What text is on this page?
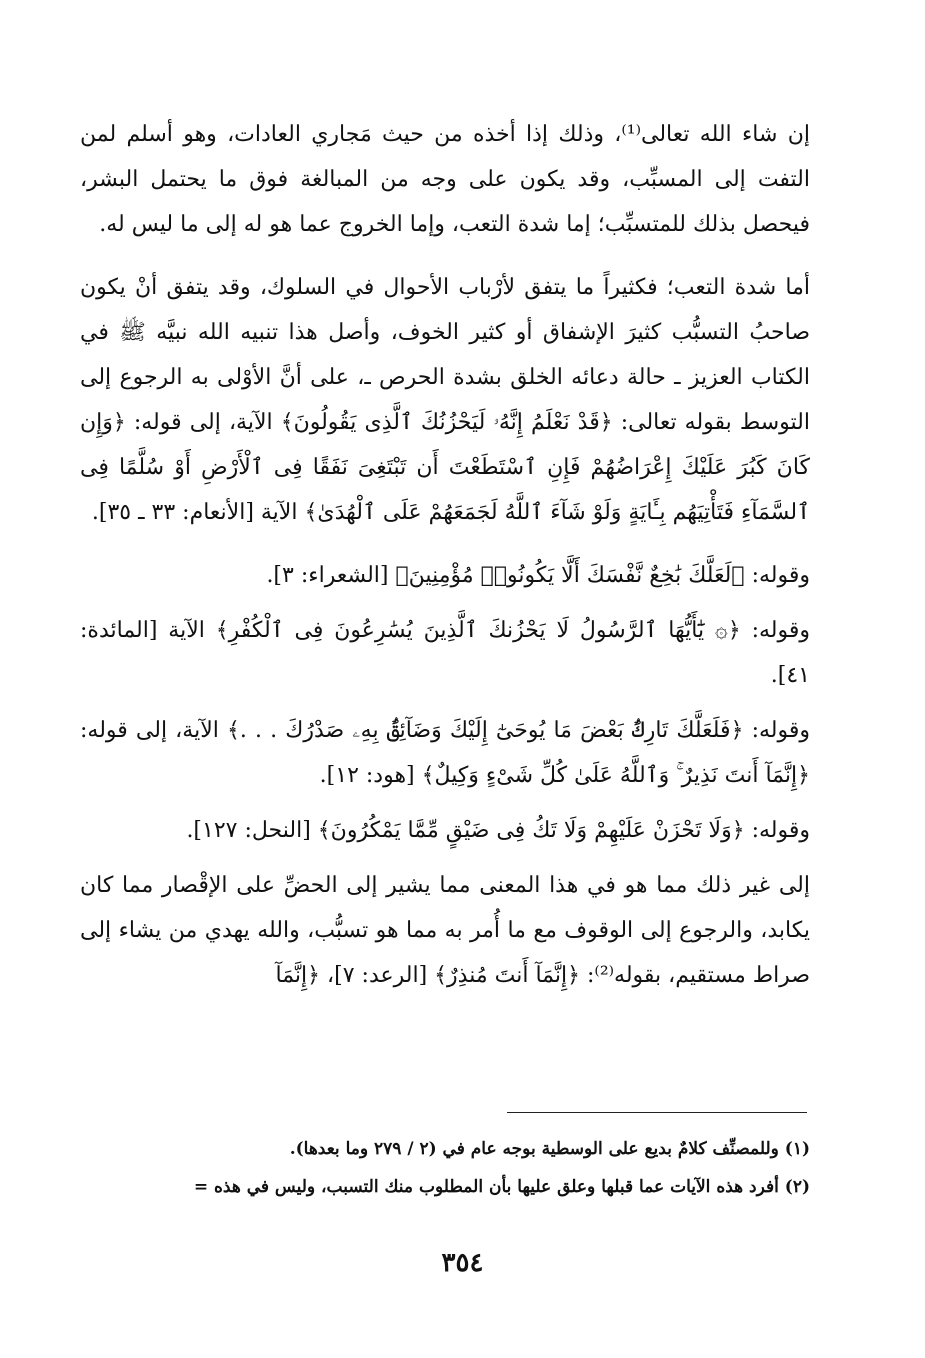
إن شاء الله تعالى⁽¹⁾، وذلك إذا أخذه من حيث مَجاري العادات، وهو أسلم لمن التفت إلى المسبِّب، وقد يكون على وجه من المبالغة فوق ما يحتمل البشر، فيحصل بذلك للمتسبِّب؛ إما شدة التعب، وإما الخروج عما هو له إلى ما ليس له.

أما شدة التعب؛ فكثيراً ما يتفق لأرْباب الأحوال في السلوك، وقد يتفق أنْ يكون صاحبُ التسبُّب كثيرَ الإشفاق أو كثير الخوف، وأصل هذا تنبيه الله نبيَّه ﷺ في الكتاب العزيز ـ حالة دعائه الخلق بشدة الحرص ـ، على أنَّ الأوْلى به الرجوع إلى التوسط بقوله تعالى: ﴿قَدْ نَعْلَمُ إِنَّهُۥ لَيَحْزُنُكَ ٱلَّذِى يَقُولُونَ﴾ الآية، إلى قوله: ﴿وَإِن كَانَ كَبُرَ عَلَيْكَ إِعْرَاضُهُمْ فَإِنِ ٱسْتَطَعْتَ أَن تَبْتَغِىَ نَفَقًا فِى ٱلْأَرْضِ أَوْ سُلَّمًا فِى ٱلسَّمَآءِ فَتَأْتِيَهُم بِـَٔايَةٍ وَلَوْ شَآءَ ٱللَّهُ لَجَمَعَهُمْ عَلَى ٱلْهُدَىٰ﴾ الآية [الأنعام: ٣٣ ـ ٣٥].

وقوله: ﴿لَعَلَّكَ بَٰخِعٌ نَّفْسَكَ أَلَّا يَكُونُوا۟ مُؤْمِنِينَ﴾ [الشعراء: ٣].

وقوله: ﴿۞ يَٰٓأَيُّهَا ٱلرَّسُولُ لَا يَحْزُنكَ ٱلَّذِينَ يُسَٰرِعُونَ فِى ٱلْكُفْرِ﴾ الآية [المائدة: ٤١].

وقوله: ﴿فَلَعَلَّكَ تَارِكٌۢ بَعْضَ مَا يُوحَىٰٓ إِلَيْكَ وَضَآئِقٌۢ بِهِۦ صَدْرُكَ . . .﴾ الآية، إلى قوله: ﴿إِنَّمَآ أَنتَ نَذِيرٌ ۚ وَٱللَّهُ عَلَىٰ كُلِّ شَىْءٍ وَكِيلٌ﴾ [هود: ١٢].

وقوله: ﴿وَلَا تَحْزَنْ عَلَيْهِمْ وَلَا تَكُ فِى ضَيْقٍ مِّمَّا يَمْكُرُونَ﴾ [النحل: ١٢٧].

إلى غير ذلك مما هو في هذا المعنى مما يشير إلى الحضِّ على الإقْصار مما كان يكابد، والرجوع إلى الوقوف مع ما أُمر به مما هو تسبُّب، والله يهدي من يشاء إلى صراط مستقيم، بقوله⁽²⁾: ﴿إِنَّمَآ أَنتَ مُنذِرٌ﴾ [الرعد: ٧]، ﴿إِنَّمَآ

(١) وللمصنِّف كلامٌ بديع على الوسطية بوجه عام في (٢ / ٢٧٩ وما بعدها).

(٢) أفرد هذه الآيات عما قبلها وعلق عليها بأن المطلوب منك التسبب، وليس في هذه =

٣٥٤
